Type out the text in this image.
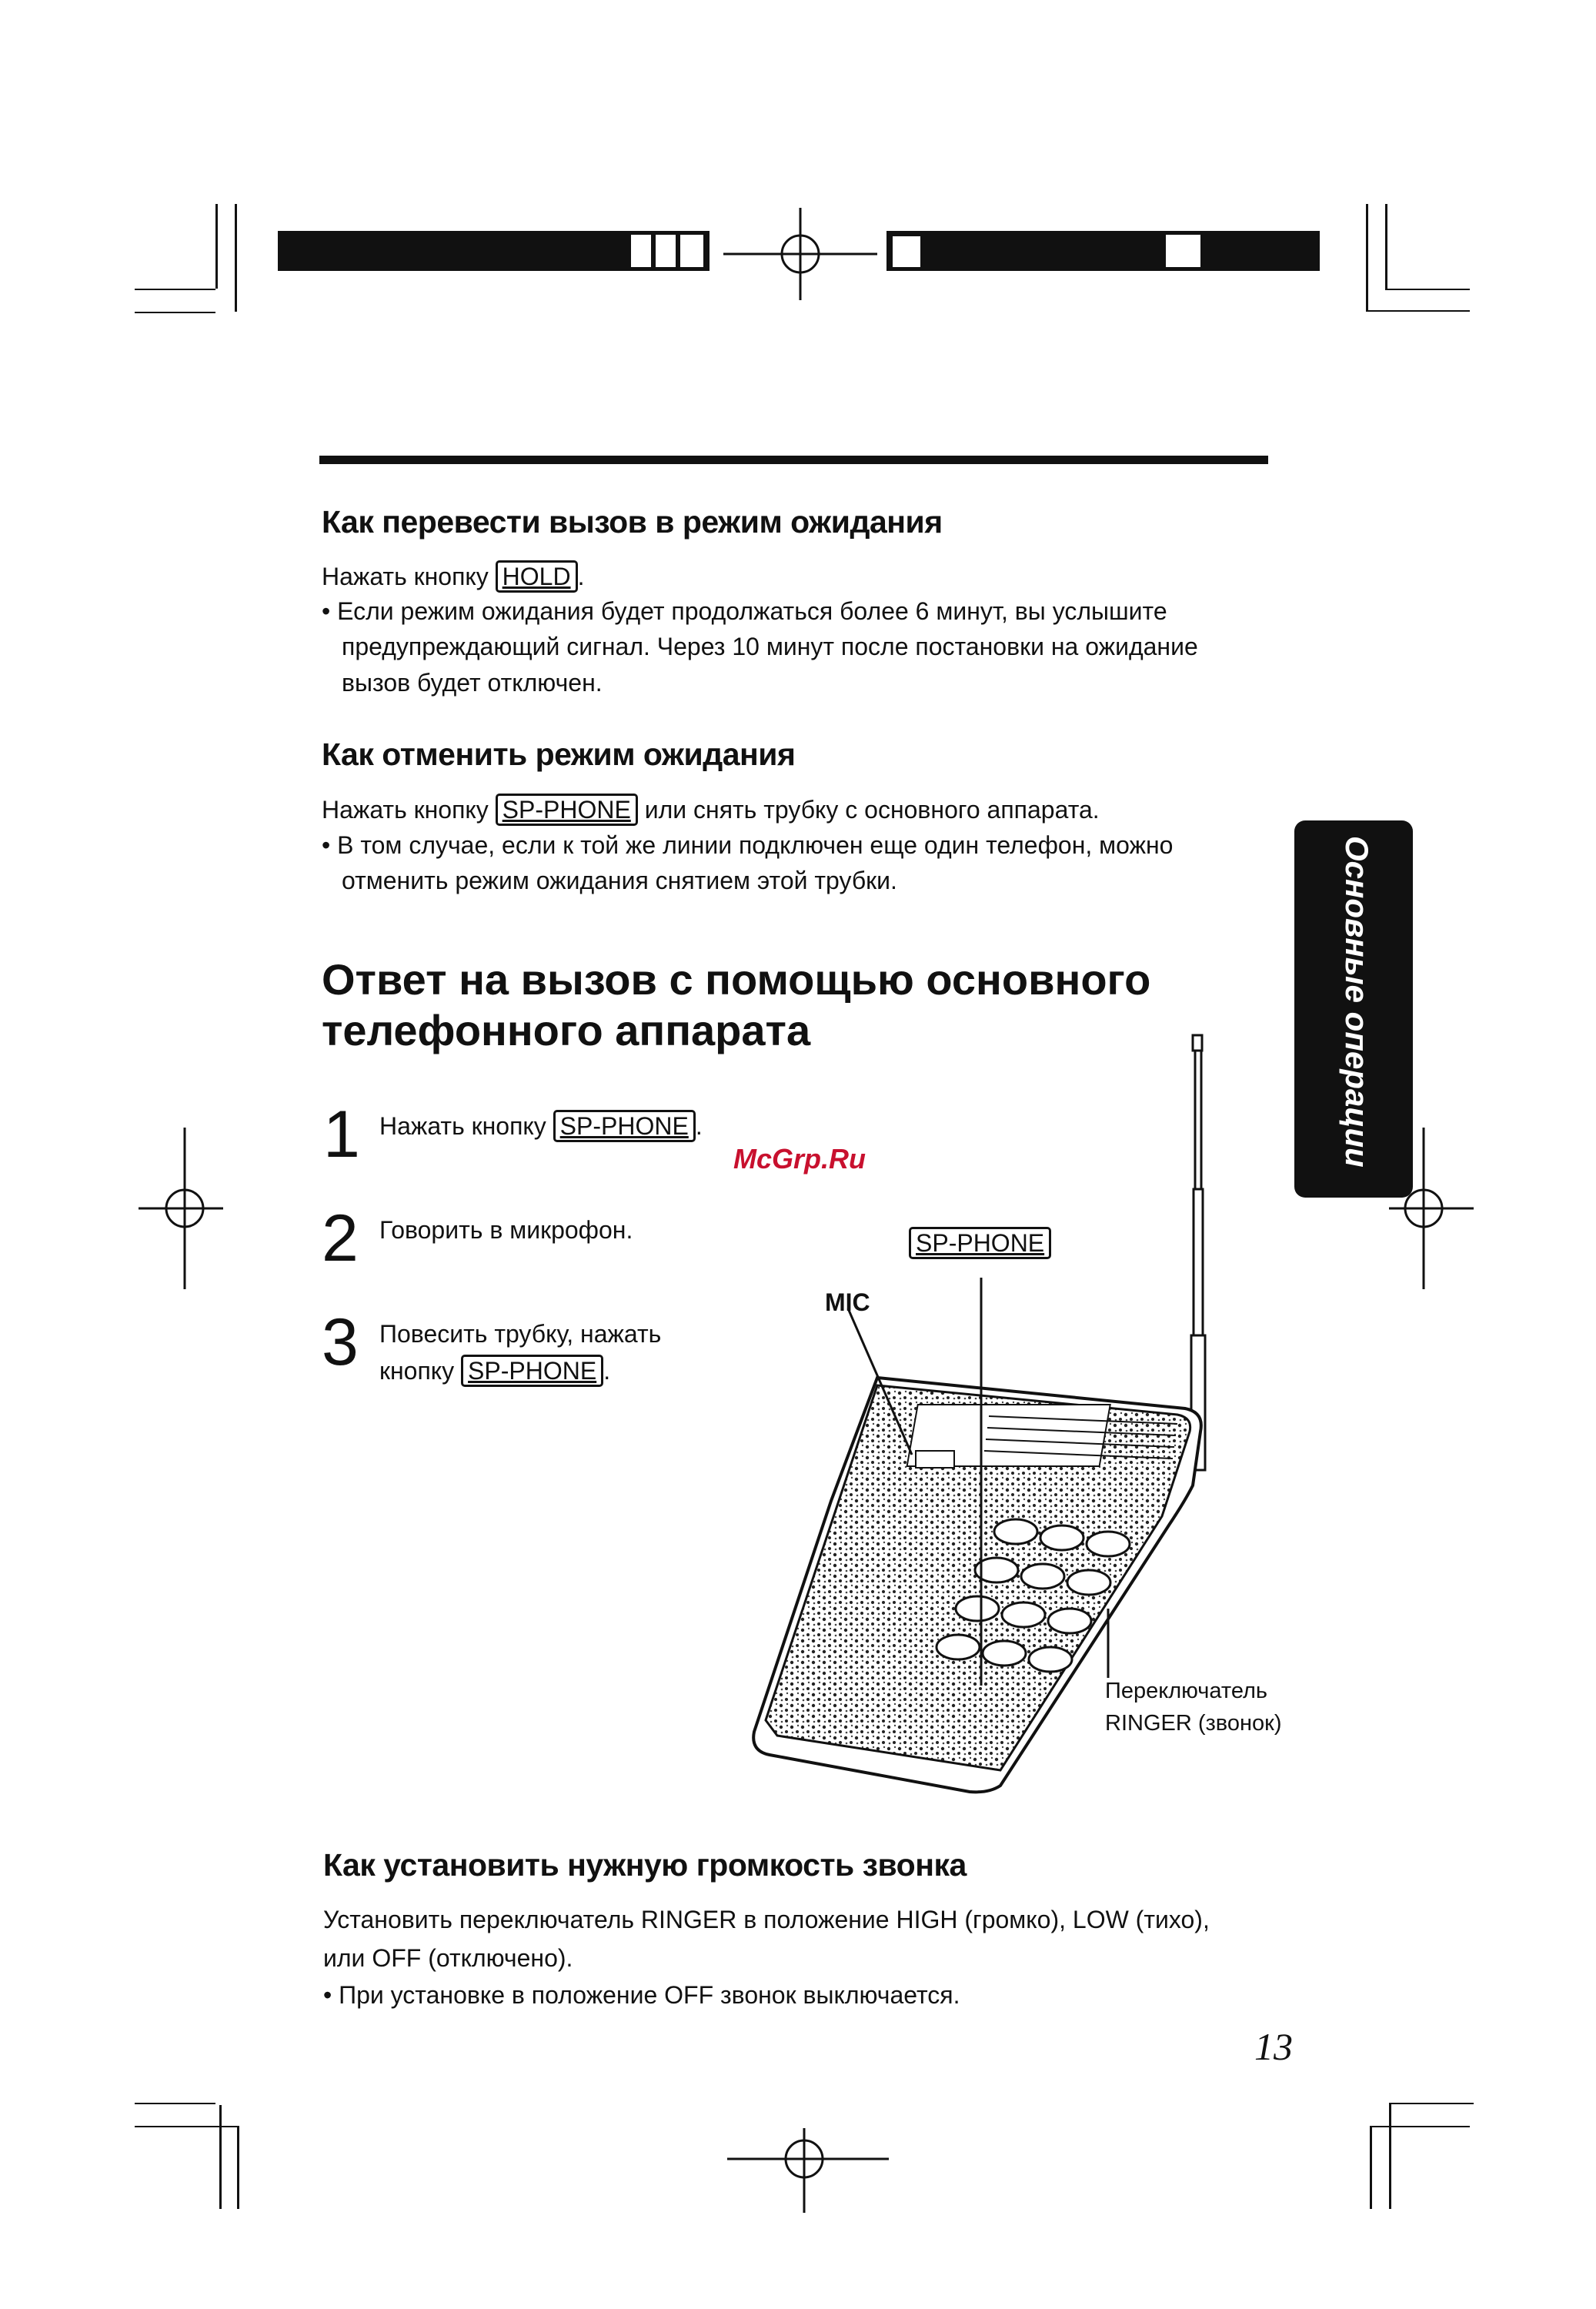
Как перевести вызов в режим ожидания
Нажать кнопку HOLD .
• Если режим ожидания будет продолжаться более 6 минут, вы услышите
предупреждающий сигнал. Через 10 минут после постановки на ожидание
вызов будет отключен.
Как отменить режим ожидания
Нажать кнопку SP-PHONE или снять трубку с основного аппарата.
• В том случае, если к той же линии подключен еще один телефон, можно
отменить режим ожидания снятием этой трубки.
Ответ на вызов с помощью основного
телефонного аппарата
1 Нажать кнопку SP-PHONE .
2 Говорить в микрофон.
3 Повесить трубку, нажать
кнопку SP-PHONE .
McGrp.Ru	Основные операции
SP-PHONE
MIC
Переключатель
RINGER (звонок)
Как установить нужную громкость звонка
Установить переключатель RINGER в положение HIGH (громко), LOW (тихо),
или OFF (отключено).
• При установке в положение OFF звонок выключается.
13
